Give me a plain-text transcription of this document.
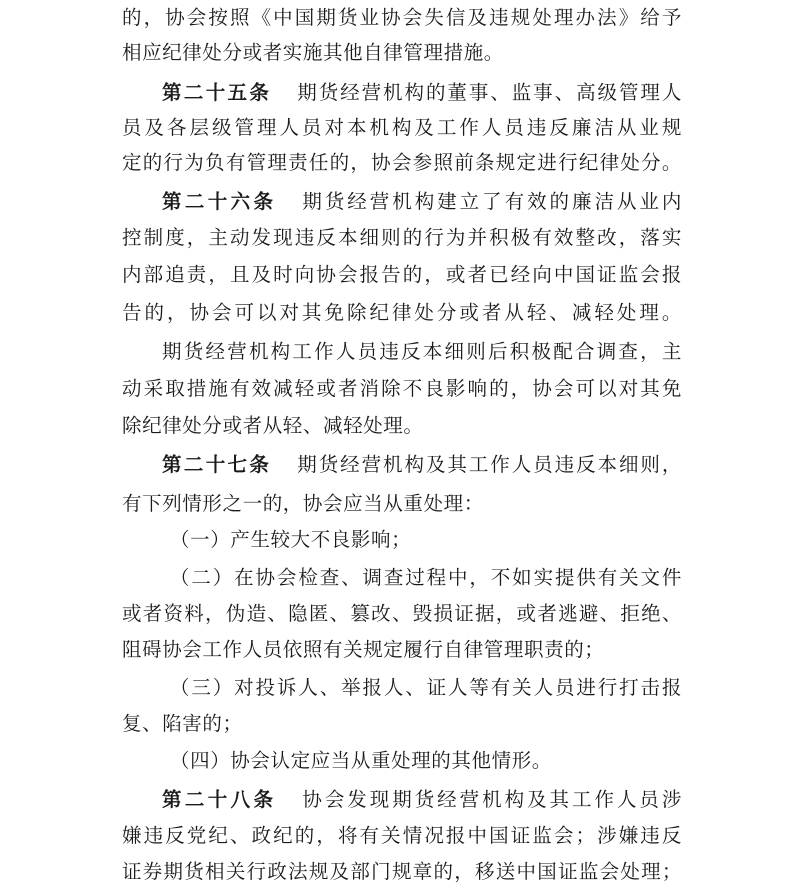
的，协会按照《中国期货业协会失信及违规处理办法》给予
相应纪律处分或者实施其他自律管理措施。
第二十五条 期货经营机构的董事、监事、高级管理人
员及各层级管理人员对本机构及工作人员违反廉洁从业规
定的行为负有管理责任的，协会参照前条规定进行纪律处分。
第二十六条 期货经营机构建立了有效的廉洁从业内
控制度，主动发现违反本细则的行为并积极有效整改，落实
内部追责，且及时向协会报告的，或者已经向中国证监会报
告的，协会可以对其免除纪律处分或者从轻、减轻处理。
期货经营机构工作人员违反本细则后积极配合调查，主
动采取措施有效减轻或者消除不良影响的，协会可以对其免
除纪律处分或者从轻、减轻处理。
第二十七条 期货经营机构及其工作人员违反本细则，
有下列情形之一的，协会应当从重处理：
（一）产生较大不良影响；
（二）在协会检查、调查过程中，不如实提供有关文件
或者资料，伪造、隐匿、篡改、毁损证据，或者逃避、拒绝、
阻碍协会工作人员依照有关规定履行自律管理职责的；
（三）对投诉人、举报人、证人等有关人员进行打击报
复、陷害的；
（四）协会认定应当从重处理的其他情形。
第二十八条 协会发现期货经营机构及其工作人员涉
嫌违反党纪、政纪的，将有关情况报中国证监会；涉嫌违反
证券期货相关行政法规及部门规章的，移送中国证监会处理；
